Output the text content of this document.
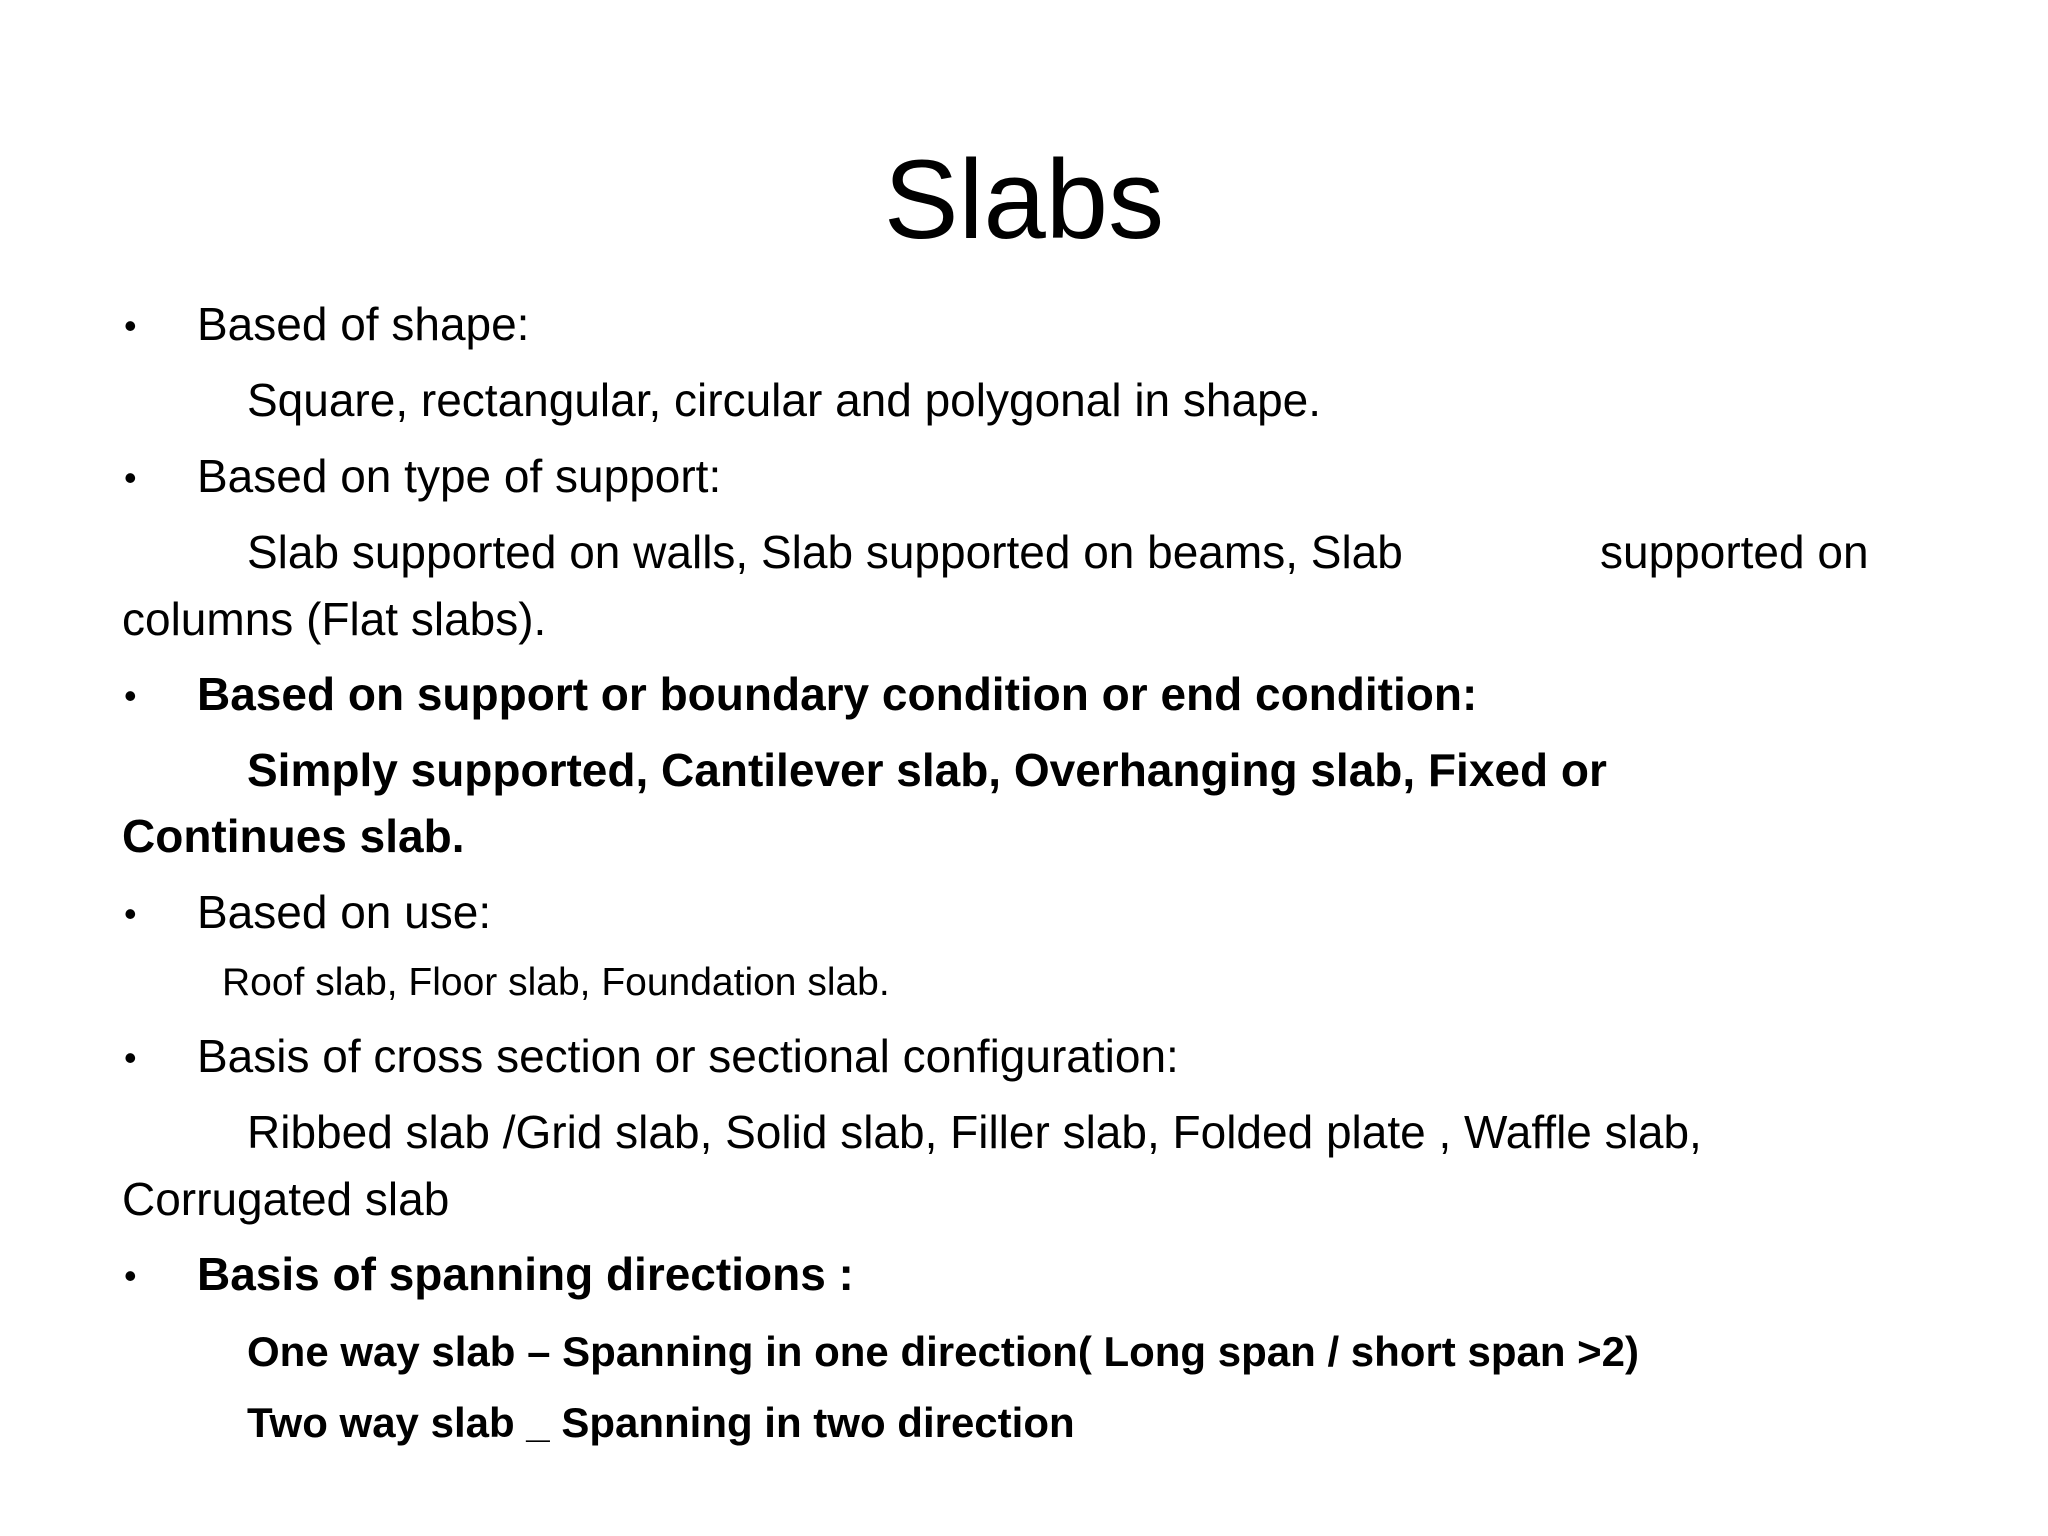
Slabs
• Based of shape:
Square, rectangular, circular and polygonal in shape.
• Based on type of support:
Slab supported on walls, Slab supported on beams, Slab	supported on
columns (Flat slabs).
• Based on support or boundary condition or end condition:
Simply supported, Cantilever slab, Overhanging slab, Fixed or
Continues slab.
• Based on use:
Roof slab, Floor slab, Foundation slab.
• Basis of cross section or sectional configuration:
Ribbed slab /Grid slab, Solid slab, Filler slab, Folded plate , Waffle slab,
Corrugated slab
• Basis of spanning directions :
One way slab – Spanning in one direction( Long span / short span >2)
Two way slab _ Spanning in two direction
